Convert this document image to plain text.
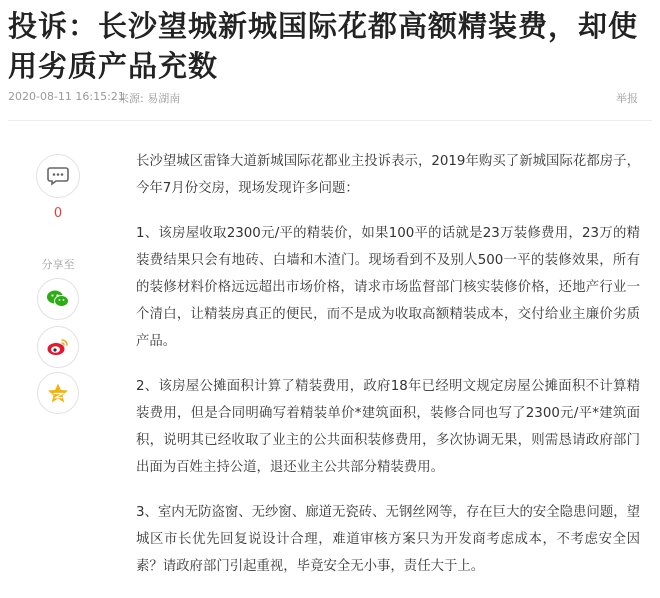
投诉：长沙望城新城国际花都高额精装费，却使用劣质产品充数
2020-08-11 16:15:21
来源: 易湖南	举报
0
分享至

长沙望城区雷锋大道新城国际花都业主投诉表示，2019年购买了新城国际花都房子，今年7月份交房，现场发现许多问题：

1、该房屋收取2300元/平的精装价，如果100平的话就是23万装修费用，23万的精装费结果只会有地砖、白墙和木渣门。现场看到不及别人500一平的装修效果，所有的装修材料价格远远超出市场价格，请求市场监督部门核实装修价格，还地产行业一个清白，让精装房真正的便民，而不是成为收取高额精装成本，交付给业主廉价劣质产品。

2、该房屋公摊面积计算了精装费用，政府18年已经明文规定房屋公摊面积不计算精装费用，但是合同明确写着精装单价*建筑面积，装修合同也写了2300元/平*建筑面积，说明其已经收取了业主的公共面积装修费用，多次协调无果，则需恳请政府部门出面为百姓主持公道，退还业主公共部分精装费用。

3、室内无防盗窗、无纱窗、廊道无瓷砖、无钢丝网等，存在巨大的安全隐患问题，望城区市长优先回复说设计合理，难道审核方案只为开发商考虑成本，不考虑安全因素？请政府部门引起重视，毕竟安全无小事，责任大于上。
